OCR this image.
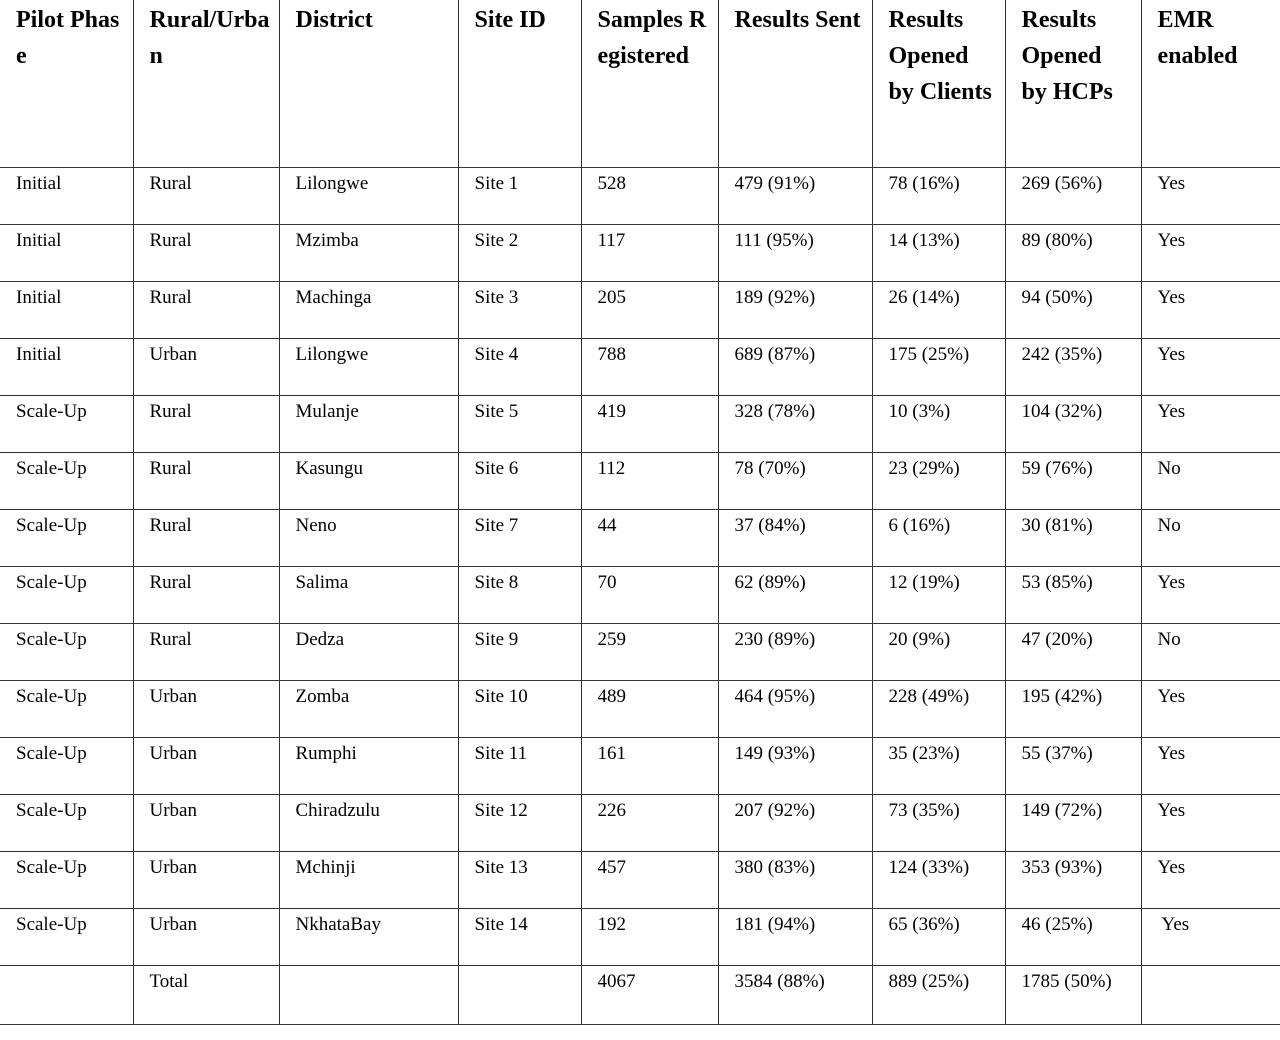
Pilot Phase	Rural/Urban	District	Site ID	Samples Registered	Results Sent	Results Opened  by Clients	Results Opened by HCPs	EMR enabled
Initial	Rural	Lilongwe	Site 1	528	479 (91%)	78 (16%)	269 (56%)	Yes
Initial	Rural	Mzimba	Site 2	117	111 (95%)	14 (13%)	89 (80%)	Yes
Initial	Rural	Machinga	Site 3	205	189 (92%)	26 (14%)	94 (50%)	Yes
Initial	Urban	Lilongwe	Site 4	788	689 (87%)	175 (25%)	242 (35%)	Yes
Scale-Up	Rural	Mulanje	Site 5	419	328 (78%)	10 (3%)	104 (32%)	Yes
Scale-Up	Rural	Kasungu	Site 6	112	78 (70%)	23 (29%)	59 (76%)	No
Scale-Up	Rural	Neno	Site 7	44	37 (84%)	6 (16%)	30 (81%)	No
Scale-Up	Rural	Salima	Site 8	70	62 (89%)	12 (19%)	53 (85%)	Yes
Scale-Up	Rural	Dedza	Site 9	259	230 (89%)	20 (9%)	47 (20%)	No
Scale-Up	Urban	Zomba	Site 10	489	464 (95%)	228 (49%)	195 (42%)	Yes
Scale-Up	Urban	Rumphi	Site 11	161	149 (93%)	35 (23%)	55 (37%)	Yes
Scale-Up	Urban	Chiradzulu	Site 12	226	207 (92%)	73 (35%)	149 (72%)	Yes
Scale-Up	Urban	Mchinji	Site 13	457	380 (83%)	124 (33%)	353 (93%)	Yes
Scale-Up	Urban	NkhataBay	Site 14	192	181 (94%)	65 (36%)	46 (25%)	Yes
	Total			4067	3584 (88%)	889 (25%)	1785 (50%)	
